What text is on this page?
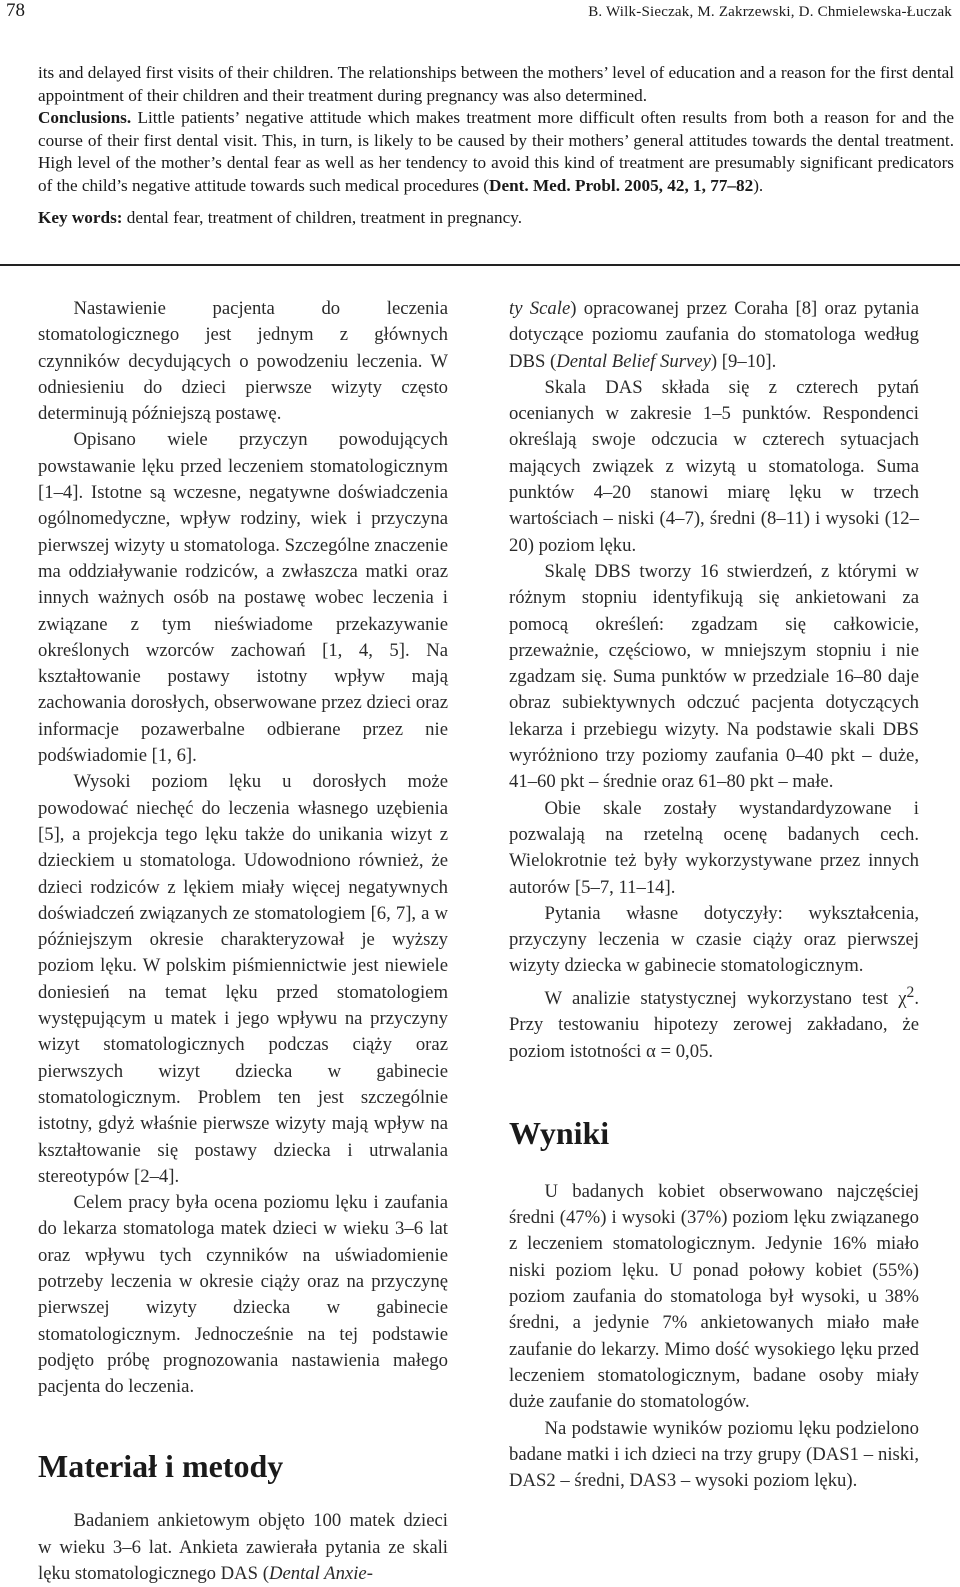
78	B. Wilk-Sieczak, M. Zakrzewski, D. Chmielewska-Łuczak

its and delayed first visits of their children. The relationships between the mothers’ level of education and a reason for the first dental appointment of their children and their treatment during pregnancy was also determined.

Conclusions. Little patients’ negative attitude which makes treatment more difficult often results from both a reason for and the course of their first dental visit. This, in turn, is likely to be caused by their mothers’ general attitudes towards the dental treatment. High level of the mother’s dental fear as well as her tendency to avoid this kind of treatment are presumably significant predicators of the child’s negative attitude towards such medical procedures (Dent. Med. Probl. 2005, 42, 1, 77–82).

Key words: dental fear, treatment of children, treatment in pregnancy.

Nastawienie pacjenta do leczenia stomatologicznego jest jednym z głównych czynników decydujących o powodzeniu leczenia. W odniesieniu do dzieci pierwsze wizyty często determinują późniejszą postawę.

Opisano wiele przyczyn powodujących powstawanie lęku przed leczeniem stomatologicznym [1–4]. Istotne są wczesne, negatywne doświadczenia ogólnomedyczne, wpływ rodziny, wiek i przyczyna pierwszej wizyty u stomatologa. Szczególne znaczenie ma oddziaływanie rodziców, a zwłaszcza matki oraz innych ważnych osób na postawę wobec leczenia i związane z tym nieświadome przekazywanie określonych wzorców zachowań [1, 4, 5]. Na kształtowanie postawy istotny wpływ mają zachowania dorosłych, obserwowane przez dzieci oraz informacje pozawerbalne odbierane przez nie podświadomie [1, 6].

Wysoki poziom lęku u dorosłych może powodować niechęć do leczenia własnego uzębienia [5], a projekcja tego lęku także do unikania wizyt z dzieckiem u stomatologa. Udowodniono również, że dzieci rodziców z lękiem miały więcej negatywnych doświadczeń związanych ze stomatologiem [6, 7], a w późniejszym okresie charakteryzował je wyższy poziom lęku. W polskim piśmiennictwie jest niewiele doniesień na temat lęku przed stomatologiem występującym u matek i jego wpływu na przyczyny wizyt stomatologicznych podczas ciąży oraz pierwszych wizyt dziecka w gabinecie stomatologicznym. Problem ten jest szczególnie istotny, gdyż właśnie pierwsze wizyty mają wpływ na kształtowanie się postawy dziecka i utrwalania stereotypów [2–4].

Celem pracy była ocena poziomu lęku i zaufania do lekarza stomatologa matek dzieci w wieku 3–6 lat oraz wpływu tych czynników na uświadomienie potrzeby leczenia w okresie ciąży oraz na przyczynę pierwszej wizyty dziecka w gabinecie stomatologicznym. Jednocześnie na tej podstawie podjęto próbę prognozowania nastawienia małego pacjenta do leczenia.

Materiał i metody

Badaniem ankietowym objęto 100 matek dzieci w wieku 3–6 lat. Ankieta zawierała pytania ze skali lęku stomatologicznego DAS (Dental Anxie-

ty Scale) opracowanej przez Coraha [8] oraz pytania dotyczące poziomu zaufania do stomatologa według DBS (Dental Belief Survey) [9–10].

Skala DAS składa się z czterech pytań ocenianych w zakresie 1–5 punktów. Respondenci określają swoje odczucia w czterech sytuacjach mających związek z wizytą u stomatologa. Suma punktów 4–20 stanowi miarę lęku w trzech wartościach – niski (4–7), średni (8–11) i wysoki (12–20) poziom lęku.

Skalę DBS tworzy 16 stwierdzeń, z którymi w różnym stopniu identyfikują się ankietowani za pomocą określeń: zgadzam się całkowicie, przeważnie, częściowo, w mniejszym stopniu i nie zgadzam się. Suma punktów w przedziale 16–80 daje obraz subiektywnych odczuć pacjenta dotyczących lekarza i przebiegu wizyty. Na podstawie skali DBS wyróżniono trzy poziomy zaufania 0–40 pkt – duże, 41–60 pkt – średnie oraz 61–80 pkt – małe.

Obie skale zostały wystandardyzowane i pozwalają na rzetelną ocenę badanych cech. Wielokrotnie też były wykorzystywane przez innych autorów [5–7, 11–14].

Pytania własne dotyczyły: wykształcenia, przyczyny leczenia w czasie ciąży oraz pierwszej wizyty dziecka w gabinecie stomatologicznym.

W analizie statystycznej wykorzystano test $\chi^2$. Przy testowaniu hipotezy zerowej zakładano, że poziom istotności α = 0,05.

Wyniki

U badanych kobiet obserwowano najczęściej średni (47%) i wysoki (37%) poziom lęku związanego z leczeniem stomatologicznym. Jedynie 16% miało niski poziom lęku. U ponad połowy kobiet (55%) poziom zaufania do stomatologa był wysoki, u 38% średni, a jedynie 7% ankietowanych miało małe zaufanie do lekarzy. Mimo dość wysokiego lęku przed leczeniem stomatologicznym, badane osoby miały duże zaufanie do stomatologów.

Na podstawie wyników poziomu lęku podzielono badane matki i ich dzieci na trzy grupy (DAS1 – niski, DAS2 – średni, DAS3 – wysoki poziom lęku).
